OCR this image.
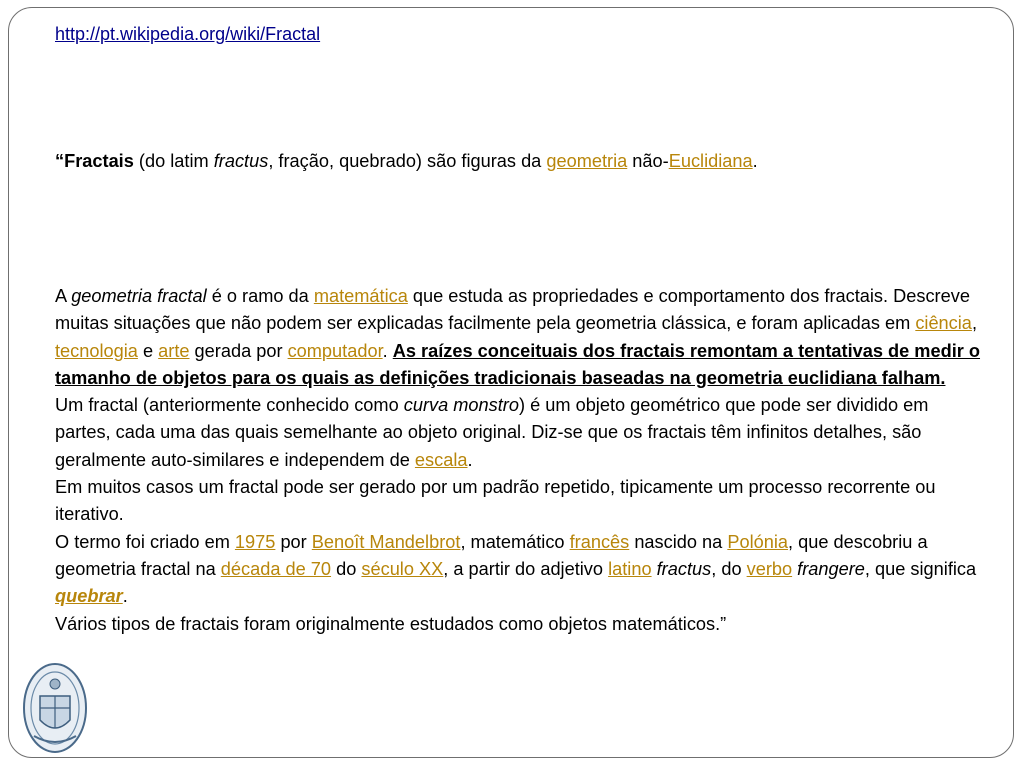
http://pt.wikipedia.org/wiki/Fractal
“Fractais (do latim fractus, fração, quebrado) são figuras da geometria não-Euclidiana.
A geometria fractal é o ramo da matemática que estuda as propriedades e comportamento dos fractais. Descreve muitas situações que não podem ser explicadas facilmente pela geometria clássica, e foram aplicadas em ciência, tecnologia e arte gerada por computador. As raízes conceituais dos fractais remontam a tentativas de medir o tamanho de objetos para os quais as definições tradicionais baseadas na geometria euclidiana falham.
Um fractal (anteriormente conhecido como curva monstro) é um objeto geométrico que pode ser dividido em partes, cada uma das quais semelhante ao objeto original. Diz-se que os fractais têm infinitos detalhes, são geralmente auto-similares e independem de escala.
Em muitos casos um fractal pode ser gerado por um padrão repetido, tipicamente um processo recorrente ou iterativo.
O termo foi criado em 1975 por Benoît Mandelbrot, matemático francês nascido na Polónia, que descobriu a geometria fractal na década de 70 do século XX, a partir do adjetivo latino fractus, do verbo frangere, que significa quebrar.
Vários tipos de fractais foram originalmente estudados como objetos matemáticos.”
